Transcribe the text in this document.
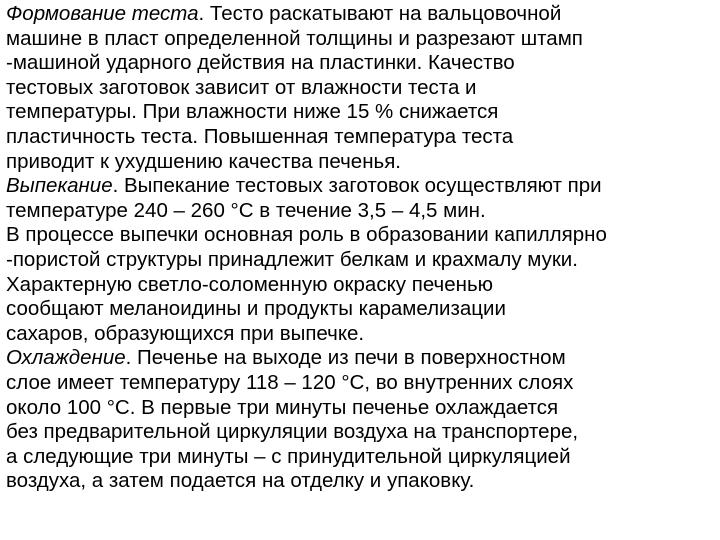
Формование теста. Тесто раскатывают на вальцовочной
машине в пласт определенной толщины и разрезают штамп
-машиной ударного действия на пластинки. Качество
тестовых заготовок зависит от влажности теста и
температуры. При влажности ниже 15 % снижается
пластичность теста. Повышенная температура теста
приводит к ухудшению качества печенья.

Выпекание. Выпекание тестовых заготовок осуществляют при
температуре 240 – 260 °С в течение 3,5 – 4,5 мин.

В процессе выпечки основная роль в образовании капиллярно
-пористой структуры принадлежит белкам и крахмалу муки.
Характерную светло-соломенную окраску печенью
сообщают меланоидины и продукты карамелизации
сахаров, образующихся при выпечке.

Охлаждение. Печенье на выходе из печи в поверхностном
слое имеет температуру 118 – 120 °С, во внутренних слоях
около 100 °С. В первые три минуты печенье охлаждается
без предварительной циркуляции воздуха на транспортере,
а следующие три минуты – с принудительной циркуляцией
воздуха, а затем подается на отделку и упаковку.
